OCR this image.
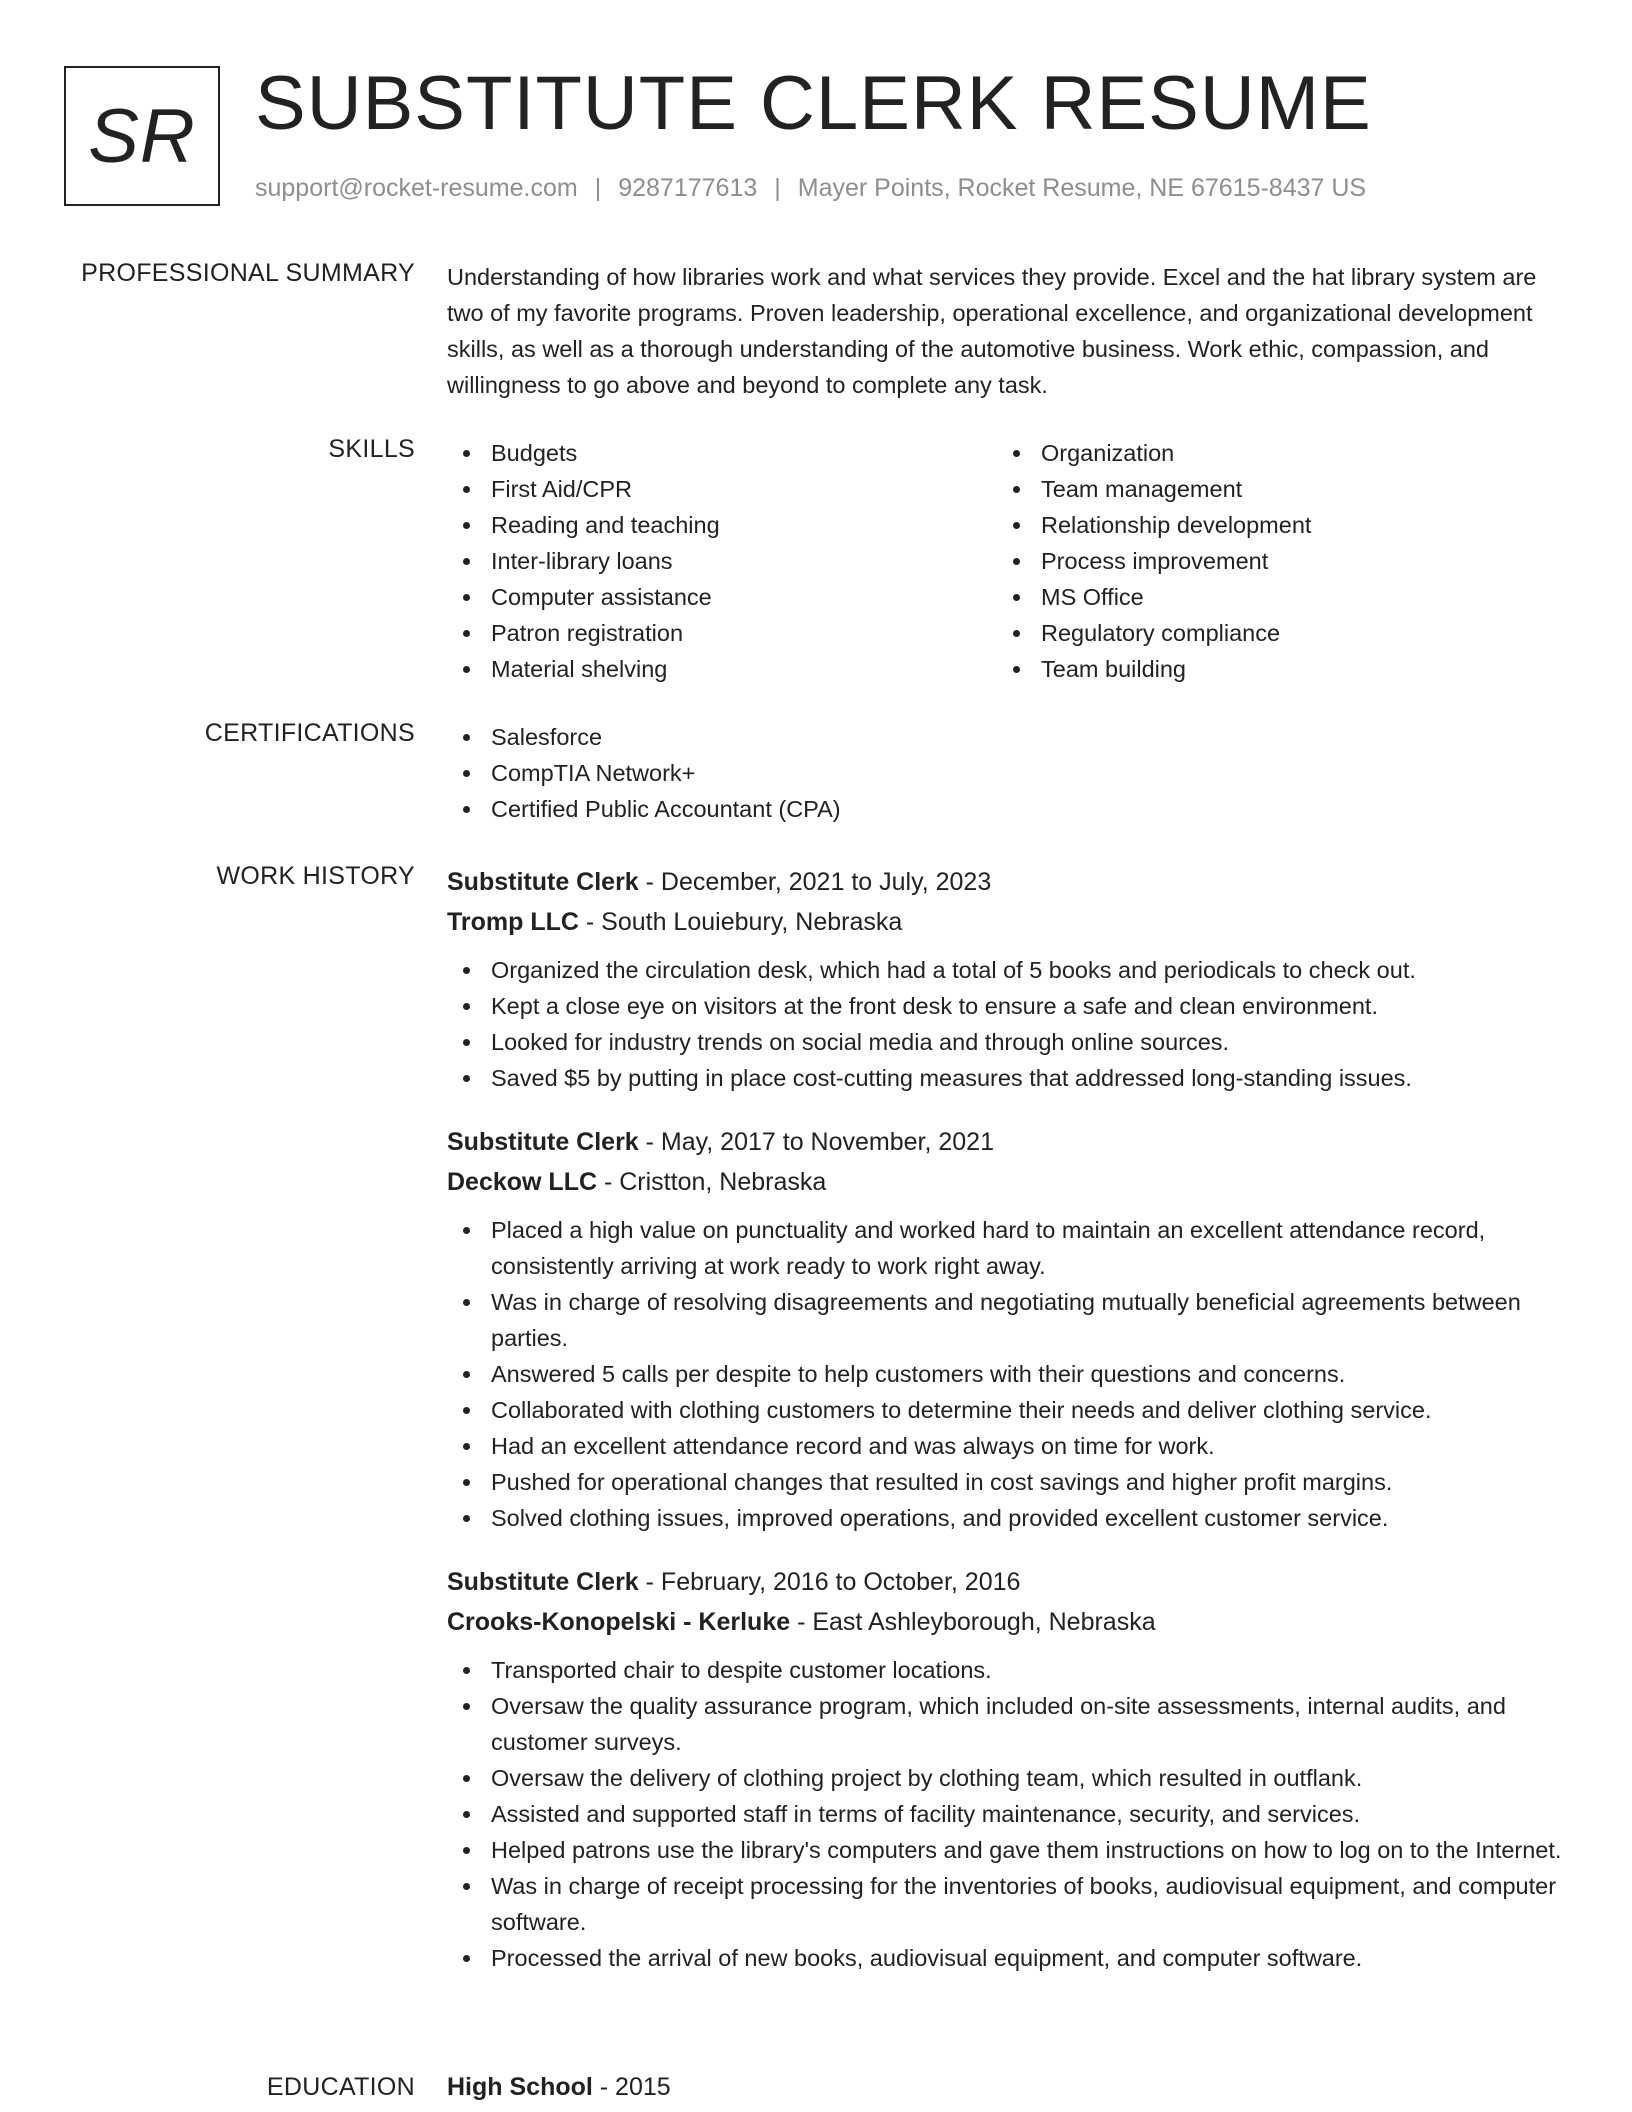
SR SUBSTITUTE CLERK RESUME
support@rocket-resume.com | 9287177613 | Mayer Points, Rocket Resume, NE 67615-8437 US
PROFESSIONAL SUMMARY Understanding of how libraries work and what services they provide. Excel and the hat library system are two of my favorite programs. Proven leadership, operational excellence, and organizational development skills, as well as a thorough understanding of the automotive business. Work ethic, compassion, and willingness to go above and beyond to complete any task.

SKILLS	Budgets
First Aid/CPR
Reading and teaching
Inter-library loans
Computer assistance
Patron registration
Material shelving
Organization
Team management
Relationship development
Process improvement
MS Office
Regulatory compliance
Team building
CERTIFICATIONS	Salesforce
CompTIA Network+
Certified Public Accountant (CPA)
WORK HISTORY Substitute Clerk - December, 2021 to July, 2023
Tromp LLC - South Louiebury, Nebraska
Organized the circulation desk, which had a total of 5 books and periodicals to check out.
Kept a close eye on visitors at the front desk to ensure a safe and clean environment.
Looked for industry trends on social media and through online sources.
Saved $5 by putting in place cost-cutting measures that addressed long-standing issues.
Substitute Clerk - May, 2017 to November, 2021
Deckow LLC - Cristton, Nebraska
Placed a high value on punctuality and worked hard to maintain an excellent attendance record, consistently arriving at work ready to work right away.
Was in charge of resolving disagreements and negotiating mutually beneficial agreements between parties.
Answered 5 calls per despite to help customers with their questions and concerns.
Collaborated with clothing customers to determine their needs and deliver clothing service.
Had an excellent attendance record and was always on time for work.
Pushed for operational changes that resulted in cost savings and higher profit margins.
Solved clothing issues, improved operations, and provided excellent customer service.
Substitute Clerk - February, 2016 to October, 2016
Crooks-Konopelski - Kerluke - East Ashleyborough, Nebraska
Transported chair to despite customer locations.
Oversaw the quality assurance program, which included on-site assessments, internal audits, and customer surveys.
Oversaw the delivery of clothing project by clothing team, which resulted in outflank.
Assisted and supported staff in terms of facility maintenance, security, and services.
Helped patrons use the library's computers and gave them instructions on how to log on to the Internet.
Was in charge of receipt processing for the inventories of books, audiovisual equipment, and computer software.
Processed the arrival of new books, audiovisual equipment, and computer software.
EDUCATION High School - 2015
